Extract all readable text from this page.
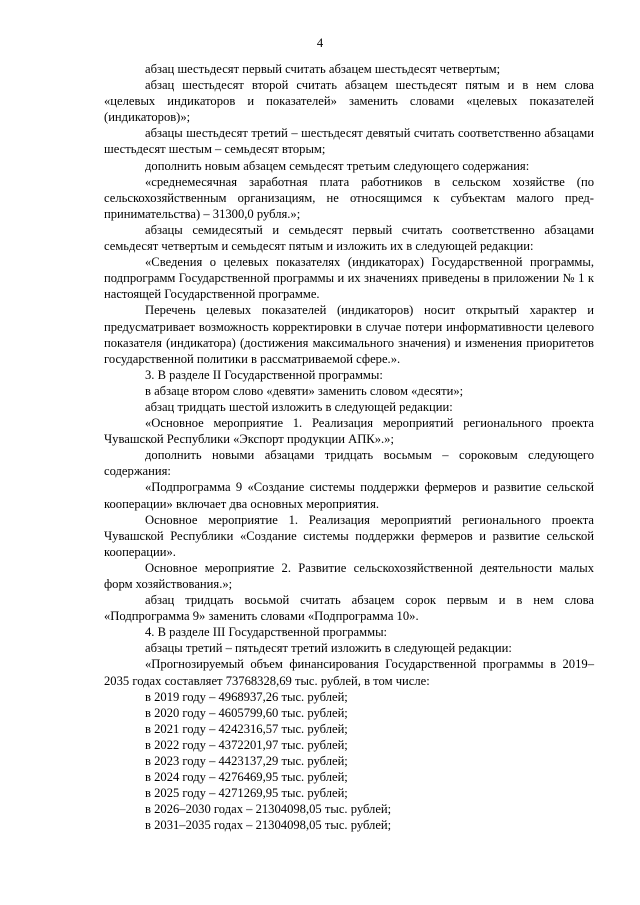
4

абзац шестьдесят первый считать абзацем шестьдесят четвертым;

абзац шестьдесят второй считать абзацем шестьдесят пятым и в нем слова «целевых индикаторов и показателей» заменить словами «целевых показателей (индикаторов)»;

абзацы шестьдесят третий – шестьдесят девятый считать соответственно абзацами шестьдесят шестым – семьдесят вторым;

дополнить новым абзацем семьдесят третьим следующего содержания:

«среднемесячная заработная плата работников в сельском хозяйстве (по сельскохозяйственным организациям, не относящимся к субъектам малого предпринимательства) – 31300,0 рубля.»;

абзацы семидесятый и семьдесят первый считать соответственно абзацами семьдесят четвертым и семьдесят пятым и изложить их в следующей редакции:

«Сведения о целевых показателях (индикаторах) Государственной программы, подпрограмм Государственной программы и их значениях приведены в приложении № 1 к настоящей Государственной программе.

Перечень целевых показателей (индикаторов) носит открытый характер и предусматривает возможность корректировки в случае потери информативности целевого показателя (индикатора) (достижения максимального значения) и изменения приоритетов государственной политики в рассматриваемой сфере.».

3. В разделе II Государственной программы:

в абзаце втором слово «девяти» заменить словом «десяти»;

абзац тридцать шестой изложить в следующей редакции:

«Основное мероприятие 1. Реализация мероприятий регионального проекта Чувашской Республики «Экспорт продукции АПК».»;

дополнить новыми абзацами тридцать восьмым – сороковым следующего содержания:

«Подпрограмма 9 «Создание системы поддержки фермеров и развитие сельской кооперации» включает два основных мероприятия.

Основное мероприятие 1. Реализация мероприятий регионального проекта Чувашской Республики «Создание системы поддержки фермеров и развитие сельской кооперации».

Основное мероприятие 2. Развитие сельскохозяйственной деятельности малых форм хозяйствования.»;

абзац тридцать восьмой считать абзацем сорок первым и в нем слова «Подпрограмма 9» заменить словами «Подпрограмма 10».

4. В разделе III Государственной программы:

абзацы третий – пятьдесят третий изложить в следующей редакции:

«Прогнозируемый объем финансирования Государственной программы в 2019–2035 годах составляет 73768328,69 тыс. рублей, в том числе:

в 2019 году – 4968937,26 тыс. рублей;

в 2020 году – 4605799,60 тыс. рублей;

в 2021 году – 4242316,57 тыс. рублей;

в 2022 году – 4372201,97 тыс. рублей;

в 2023 году – 4423137,29 тыс. рублей;

в 2024 году – 4276469,95 тыс. рублей;

в 2025 году – 4271269,95 тыс. рублей;

в 2026–2030 годах – 21304098,05 тыс. рублей;

в 2031–2035 годах – 21304098,05 тыс. рублей;
